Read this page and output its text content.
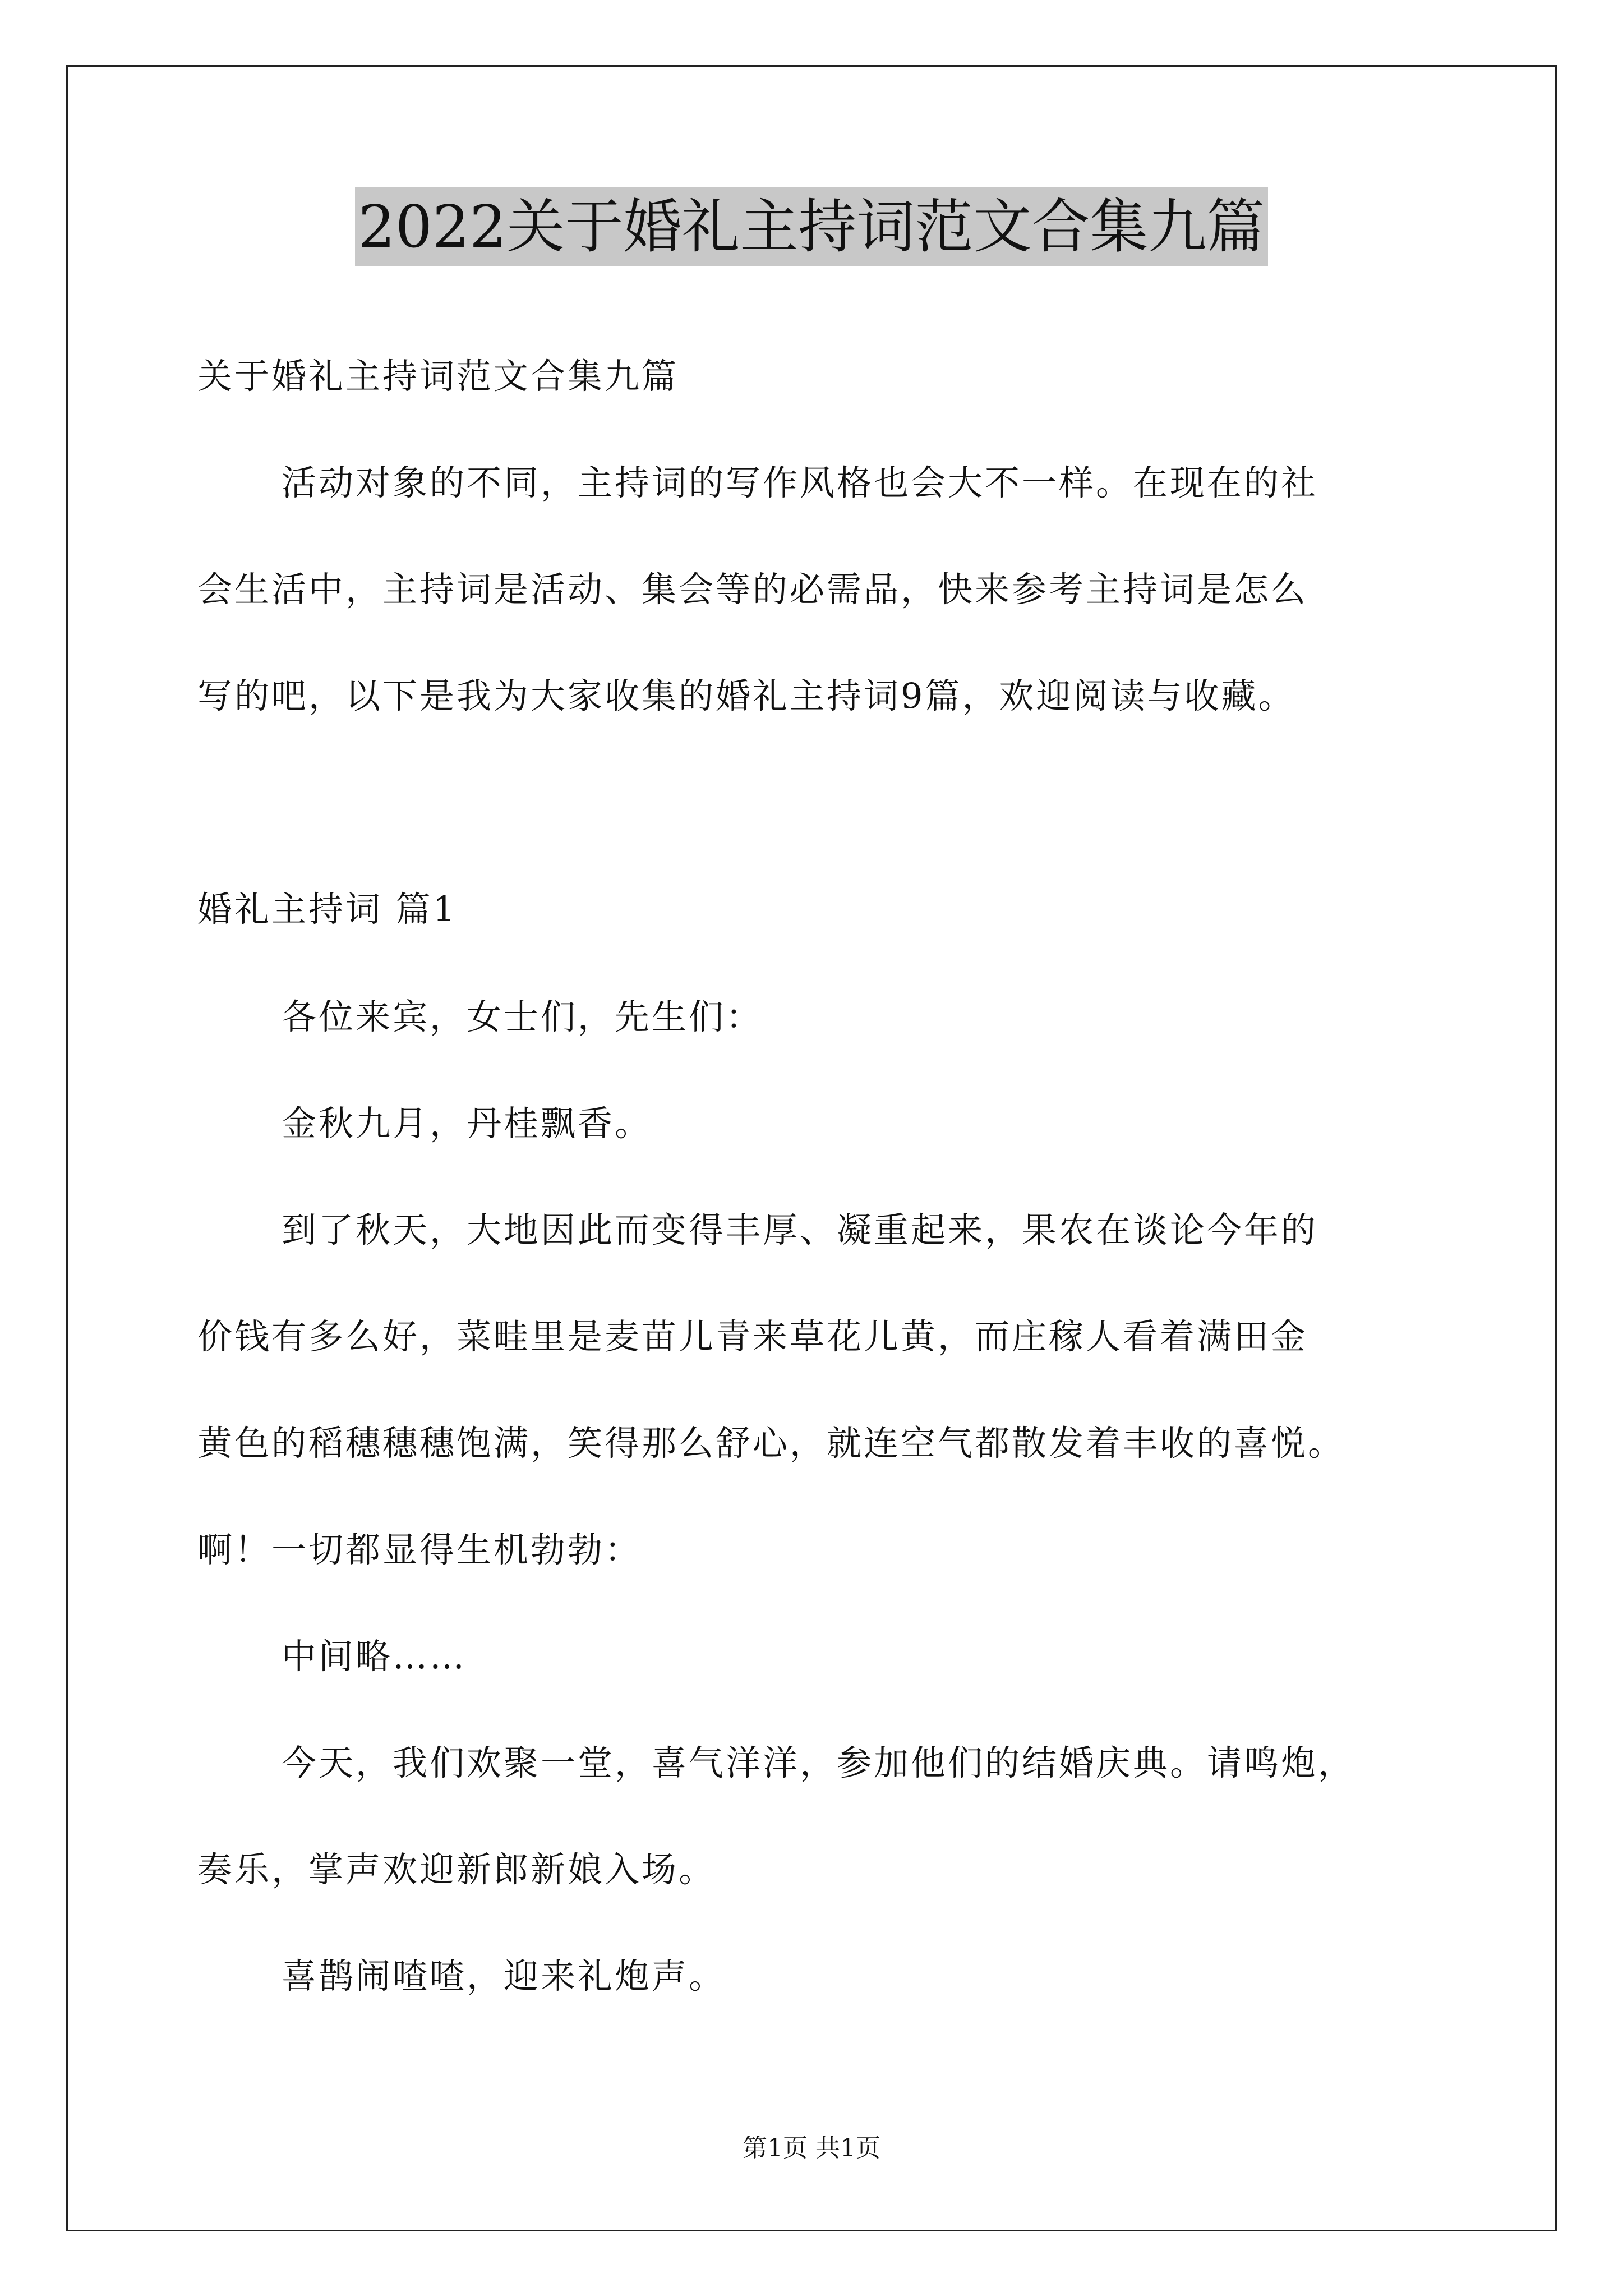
2022关于婚礼主持词范文合集九篇
关于婚礼主持词范文合集九篇
活动对象的不同，主持词的写作风格也会大不一样。在现在的社
会生活中，主持词是活动、集会等的必需品，快来参考主持词是怎么
写的吧，以下是我为大家收集的婚礼主持词9篇，欢迎阅读与收藏。
婚礼主持词 篇1
各位来宾，女士们，先生们：
金秋九月，丹桂飘香。
到了秋天，大地因此而变得丰厚、凝重起来，果农在谈论今年的
价钱有多么好，菜畦里是麦苗儿青来草花儿黄，而庄稼人看着满田金
黄色的稻穗穗穗饱满，笑得那么舒心，就连空气都散发着丰收的喜悦。
啊！一切都显得生机勃勃：
中间略……
今天，我们欢聚一堂，喜气洋洋，参加他们的结婚庆典。请鸣炮，
奏乐，掌声欢迎新郎新娘入场。
喜鹊闹喳喳，迎来礼炮声。
第1页 共1页
